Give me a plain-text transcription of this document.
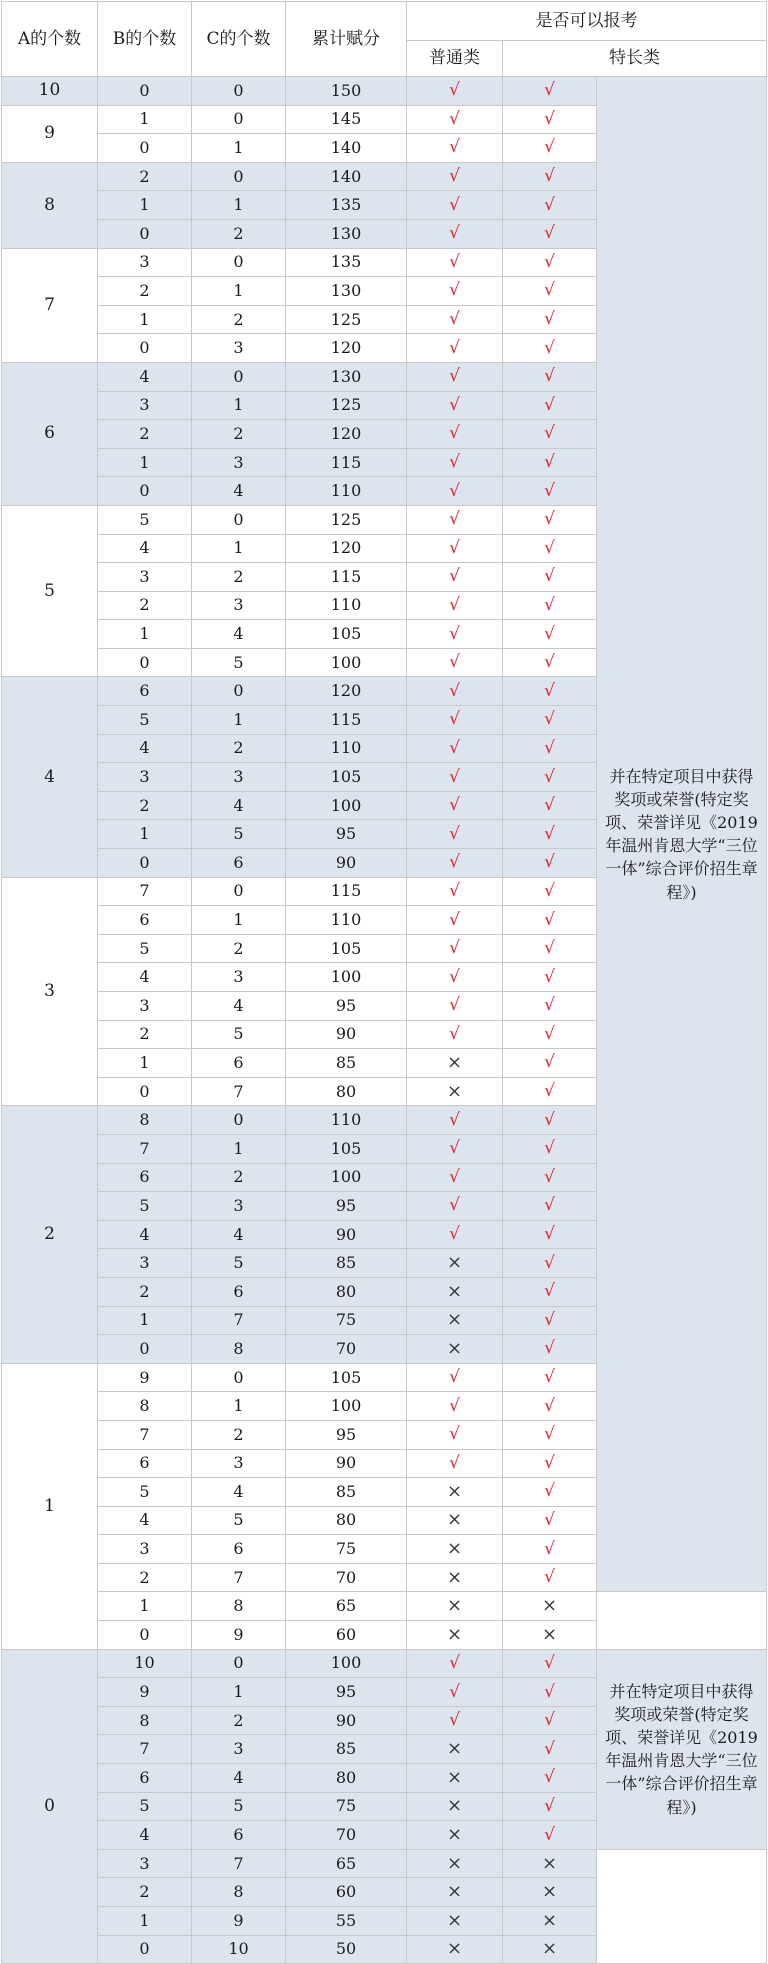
A的个数	B的个数	C的个数	累计赋分	是否可以报考		
				普通类	特长类	
10	0	0	150	√	√	并在特定项目中获得奖项或荣誉(特定奖项、荣誉详见《2019年温州肯恩大学“三位一体”综合评价招生章程》)
9	1	0	145	√	√	
	0	1	140	√	√	
8	2	0	140	√	√	
	1	1	135	√	√	
	0	2	130	√	√	
7	3	0	135	√	√	
	2	1	130	√	√	
	1	2	125	√	√	
	0	3	120	√	√	
6	4	0	130	√	√	
	3	1	125	√	√	
	2	2	120	√	√	
	1	3	115	√	√	
	0	4	110	√	√	
5	5	0	125	√	√	
	4	1	120	√	√	
	3	2	115	√	√	
	2	3	110	√	√	
	1	4	105	√	√	
	0	5	100	√	√	
4	6	0	120	√	√	
	5	1	115	√	√	
	4	2	110	√	√	
	3	3	105	√	√	
	2	4	100	√	√	
	1	5	95	√	√	
	0	6	90	√	√	
3	7	0	115	√	√	
	6	1	110	√	√	
	5	2	105	√	√	
	4	3	100	√	√	
	3	4	95	√	√	
	2	5	90	√	√	
	1	6	85	×	√	
	0	7	80	×	√	
2	8	0	110	√	√	
	7	1	105	√	√	
	6	2	100	√	√	
	5	3	95	√	√	
	4	4	90	√	√	
	3	5	85	×	√	
	2	6	80	×	√	
	1	7	75	×	√	
	0	8	70	×	√	
1	9	0	105	√	√	
	8	1	100	√	√	
	7	2	95	√	√	
	6	3	90	√	√	
	5	4	85	×	√	
	4	5	80	×	√	
	3	6	75	×	√	
	2	7	70	×	√	
	1	8	65	×	×	
	0	9	60	×	×	
0	10	0	100	√	√	并在特定项目中获得奖项或荣誉(特定奖项、荣誉详见《2019年温州肯恩大学“三位一体”综合评价招生章程》)
	9	1	95	√	√	
	8	2	90	√	√	
	7	3	85	×	√	
	6	4	80	×	√	
	5	5	75	×	√	
	4	6	70	×	√	
	3	7	65	×	×	
	2	8	60	×	×	
	1	9	55	×	×	
	0	10	50	×	×	
